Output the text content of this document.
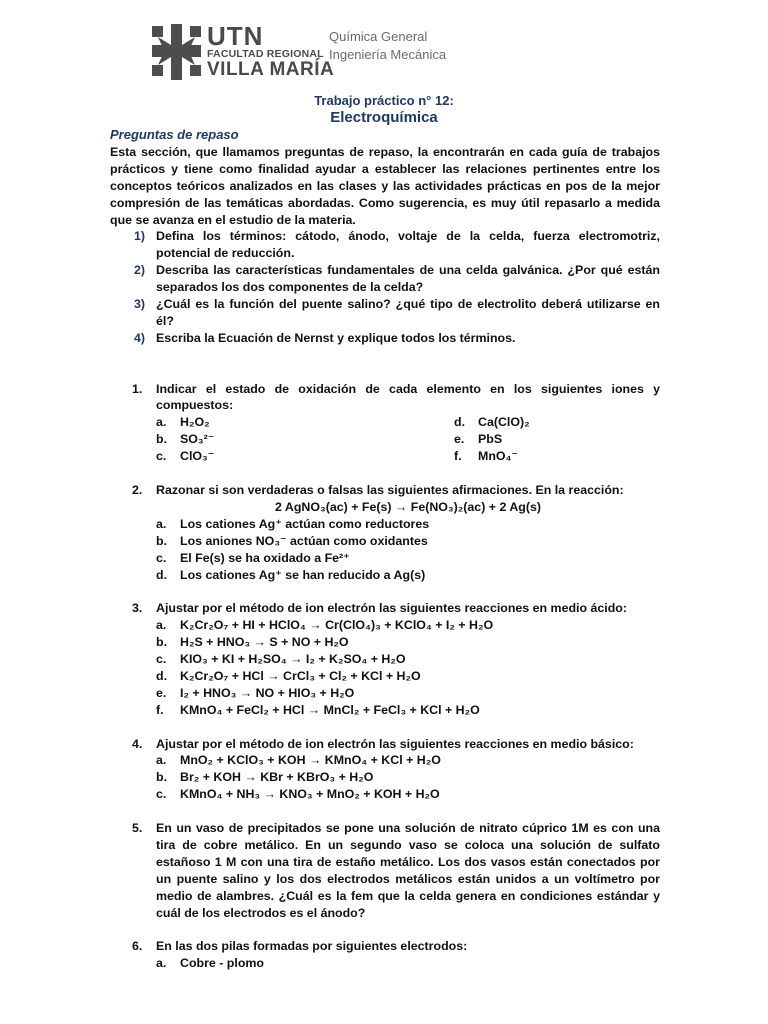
UTN
FACULTAD REGIONAL
VILLA MARÍA
Química General
Ingeniería Mecánica
Trabajo práctico n° 12:
Electroquímica

Preguntas de repaso

Esta sección, que llamamos preguntas de repaso, la encontrarán en cada guía de trabajos prácticos y tiene como finalidad ayudar a establecer las relaciones pertinentes entre los conceptos teóricos analizados en las clases y las actividades prácticas en pos de la mejor compresión de las temáticas abordadas. Como sugerencia, es muy útil repasarlo a medida que se avanza en el estudio de la materia.

1) Defina los términos: cátodo, ánodo, voltaje de la celda, fuerza electromotriz, potencial de reducción.
2) Describa las características fundamentales de una celda galvánica. ¿Por qué están separados los dos componentes de la celda?
3) ¿Cuál es la función del puente salino? ¿qué tipo de electrolito deberá utilizarse en él?
4) Escriba la Ecuación de Nernst y explique todos los términos.
1. Indicar el estado de oxidación de cada elemento en los siguientes iones y compuestos:
a. H₂O₂	d. Ca(ClO)₂
b. SO₃²⁻	e. PbS
c. ClO₃⁻	f. MnO₄⁻
2. Razonar si son verdaderas o falsas las siguientes afirmaciones. En la reacción:
2 AgNO₃(ac) + Fe(s) → Fe(NO₃)₂(ac) + 2 Ag(s)
a. Los cationes Ag⁺ actúan como reductores
b. Los aniones NO₃⁻ actúan como oxidantes
c. El Fe(s) se ha oxidado a Fe²⁺
d. Los cationes Ag⁺ se han reducido a Ag(s)
3. Ajustar por el método de ion electrón las siguientes reacciones en medio ácido:
a. K₂Cr₂O₇ + HI + HClO₄ → Cr(ClO₄)₃ + KClO₄ + I₂ + H₂O
b. H₂S + HNO₃ → S + NO + H₂O
c. KIO₃ + KI + H₂SO₄ → I₂ + K₂SO₄ + H₂O
d. K₂Cr₂O₇ + HCl → CrCl₃ + Cl₂ + KCl + H₂O
e. I₂ + HNO₃ → NO + HIO₃ + H₂O
f. KMnO₄ + FeCl₂ + HCl → MnCl₂ + FeCl₃ + KCl + H₂O
4. Ajustar por el método de ion electrón las siguientes reacciones en medio básico:
a. MnO₂ + KClO₃ + KOH → KMnO₄ + KCl + H₂O
b. Br₂ + KOH → KBr + KBrO₃ + H₂O
c. KMnO₄ + NH₃ → KNO₃ + MnO₂ + KOH + H₂O
5. En un vaso de precipitados se pone una solución de nitrato cúprico 1M es con una tira de cobre metálico. En un segundo vaso se coloca una solución de sulfato estañoso 1 M con una tira de estaño metálico. Los dos vasos están conectados por un puente salino y los dos electrodos metálicos están unidos a un voltímetro por medio de alambres. ¿Cuál es la fem que la celda genera en condiciones estándar y cuál de los electrodos es el ánodo?
6. En las dos pilas formadas por siguientes electrodos:
a. Cobre - plomo
